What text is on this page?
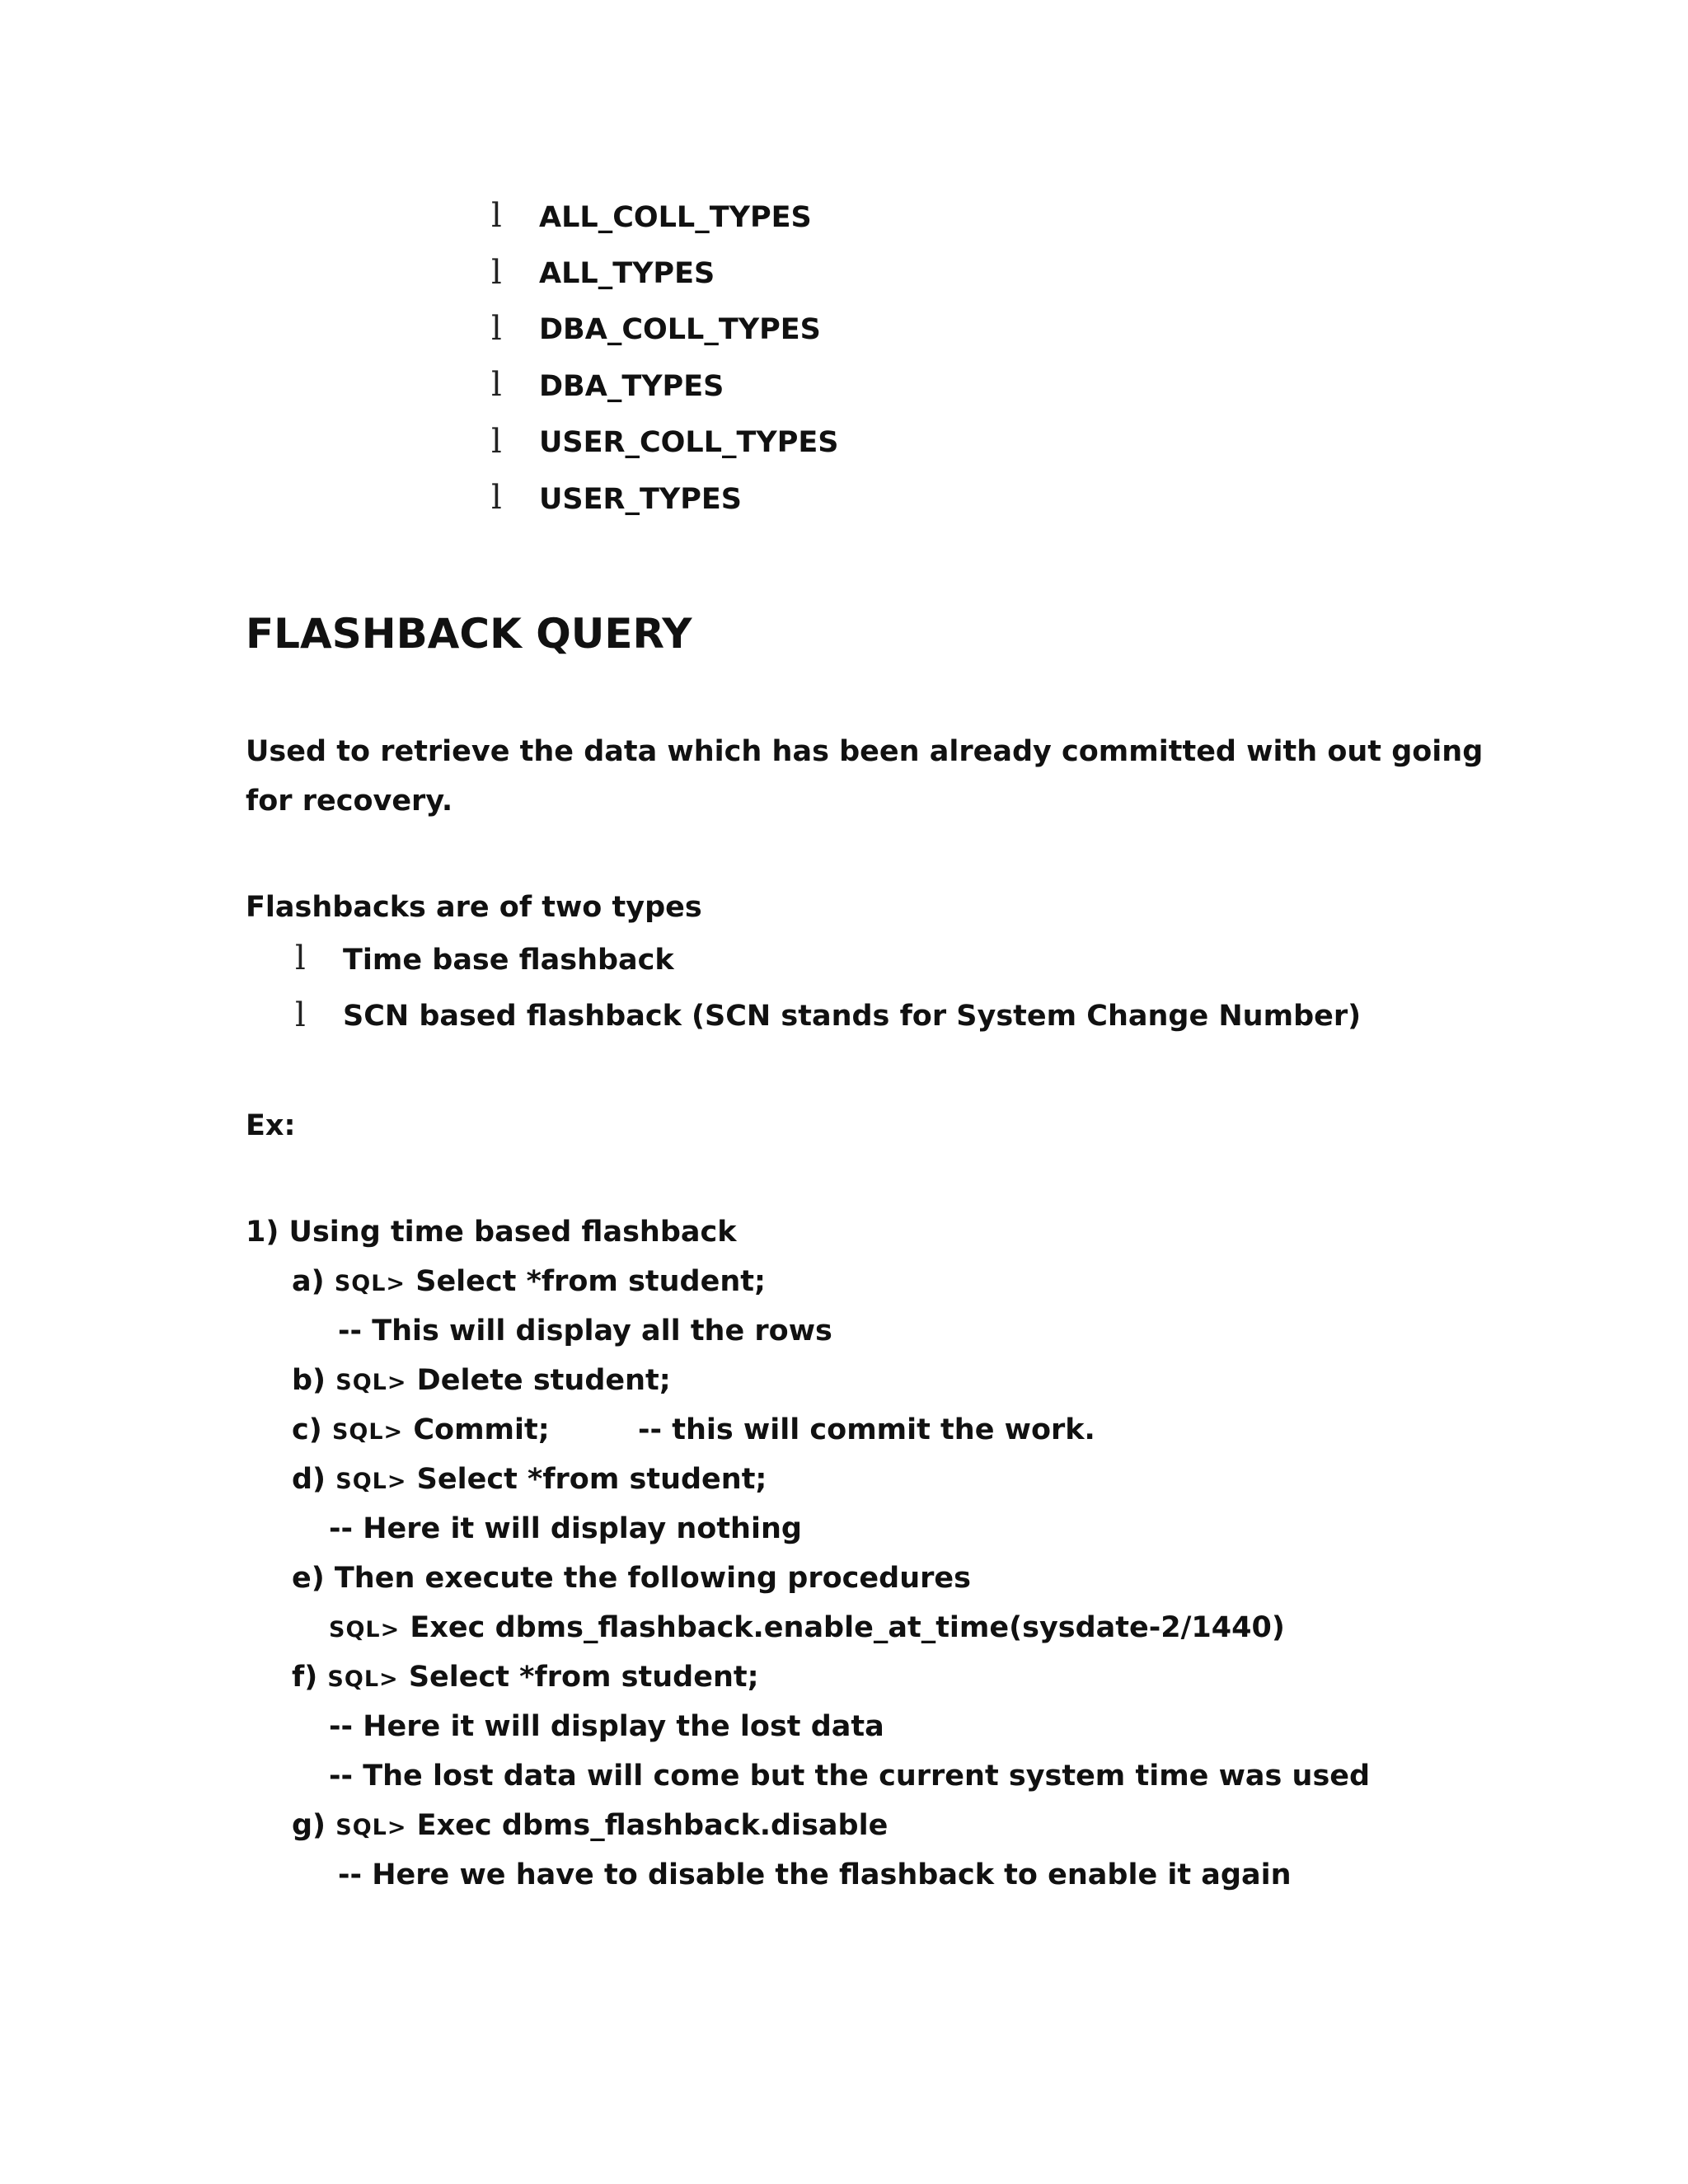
l ALL_COLL_TYPES
l ALL_TYPES
l DBA_COLL_TYPES
l DBA_TYPES
l USER_COLL_TYPES
l USER_TYPES
FLASHBACK QUERY
Used to retrieve the data which has been already committed with out going
for recovery.
Flashbacks are of two types
l Time base flashback
l SCN based flashback (SCN stands for System Change Number)
Ex:
1) Using time based flashback
a) SQL> Select *from student;
-- This will display all the rows
b) SQL> Delete student;
c) SQL> Commit;	-- this will commit the work.
d) SQL> Select *from student;
-- Here it will display nothing
e) Then execute the following procedures
SQL> Exec dbms_flashback.enable_at_time(sysdate-2/1440)
f) SQL> Select *from student;
-- Here it will display the lost data
-- The lost data will come but the current system time was used
g) SQL> Exec dbms_flashback.disable
-- Here we have to disable the flashback to enable it again
